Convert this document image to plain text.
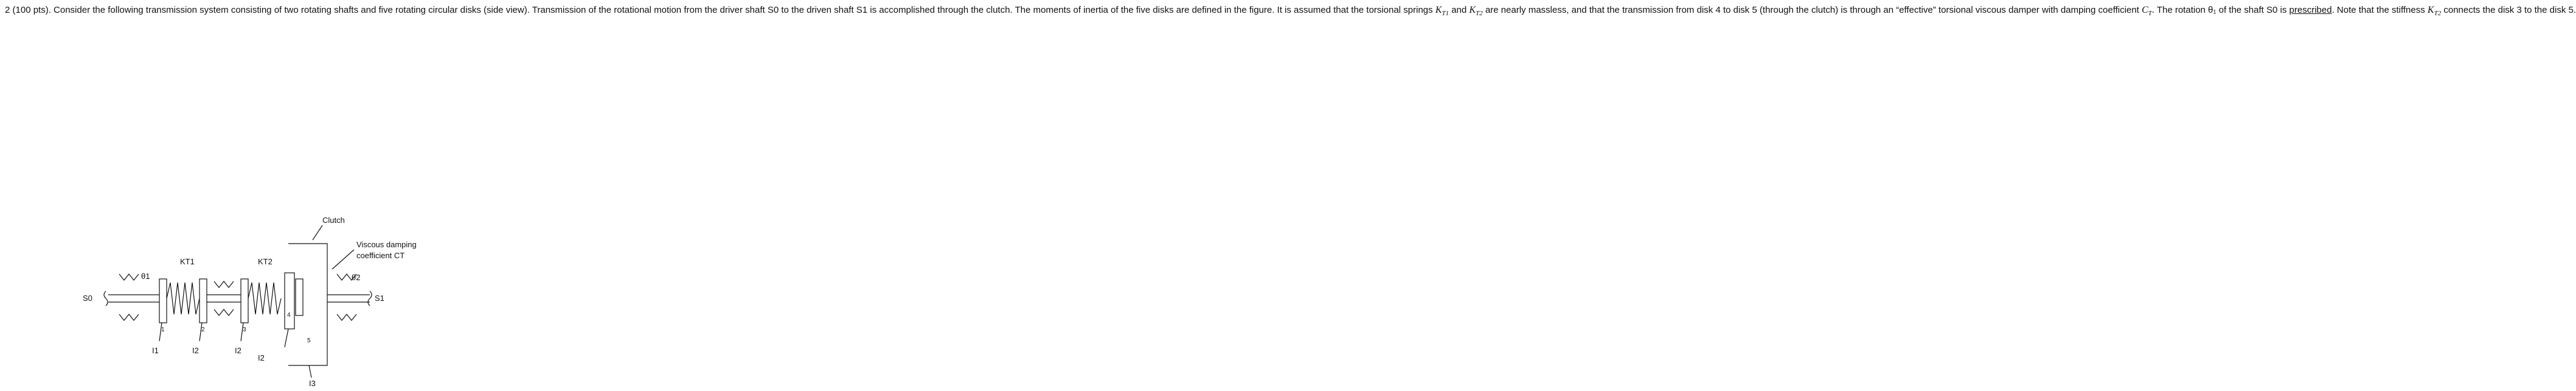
2 (100 pts). Consider the following transmission system consisting of two rotating shafts and five rotating circular disks (side view). Transmission of the rotational motion from the driver shaft S0 to the driven shaft S1 is accomplished through the clutch. The moments of inertia of the five disks are defined in the figure. It is assumed that the torsional springs $K_{T1}$ and $K_{T2}$ are nearly massless, and that the transmission from disk 4 to disk 5 (through the clutch) is through an “effective” torsional viscous damper with damping coefficient $C_T$. The rotation θ₁ of the shaft S0 is prescribed. Note that the stiffness $K_{T2}$ connects the disk 3 to the disk 5.
Clutch
Viscous damping
coefficient CT
KT1	KT2
θ1	θ2
S0	S1
1	2	3
4
5
I1	I2	I2
I2
I3
